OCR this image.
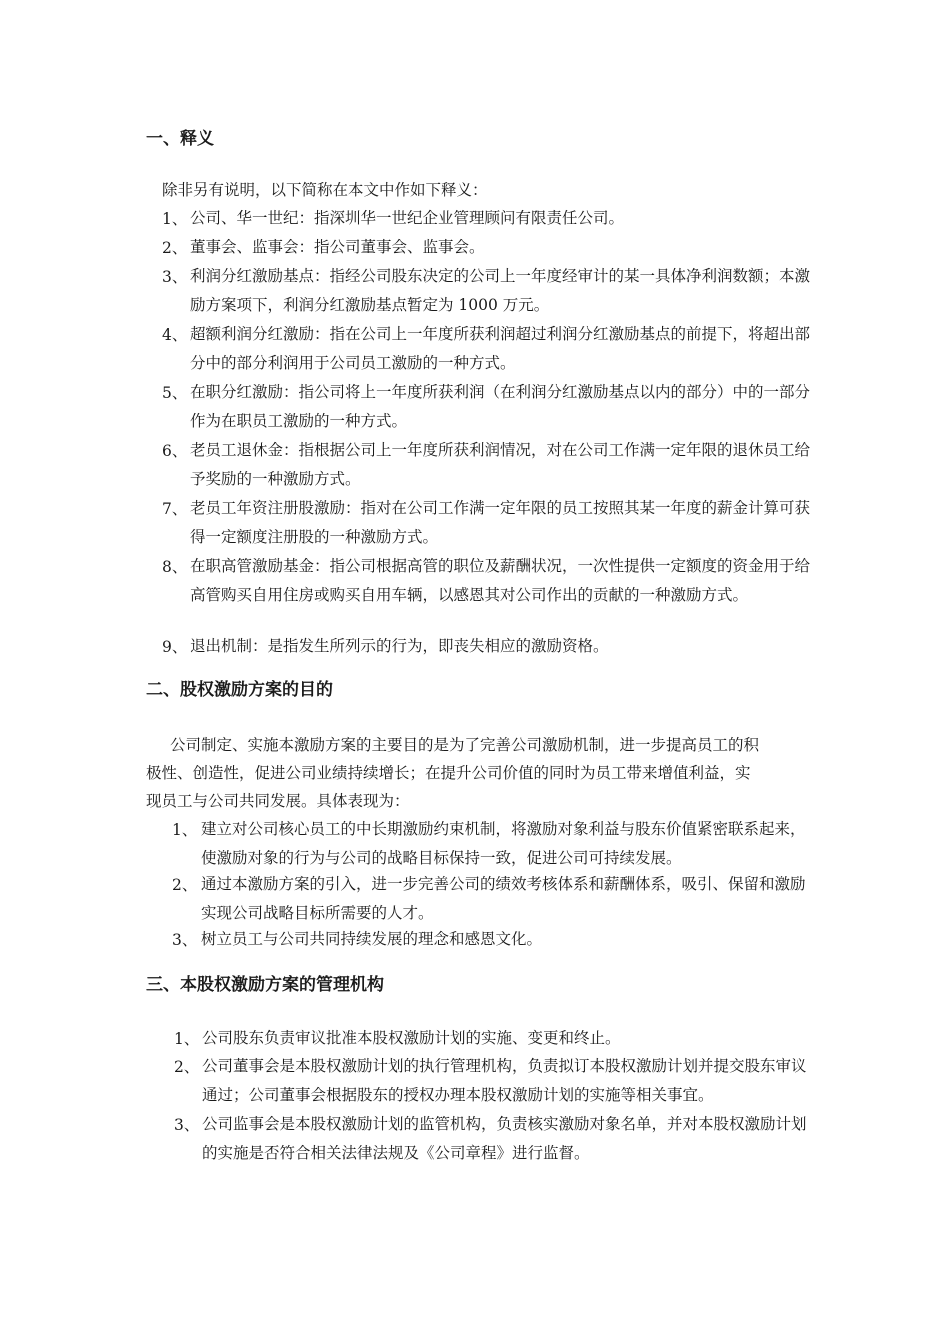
一、释义
除非另有说明，以下简称在本文中作如下释义：
1、 公司、华一世纪：指深圳华一世纪企业管理顾问有限责任公司。
2、 董事会、监事会：指公司董事会、监事会。
3、 利润分红激励基点：指经公司股东决定的公司上一年度经审计的某一具体净利润数额；本激励方案项下，利润分红激励基点暂定为 1000 万元。
4、 超额利润分红激励：指在公司上一年度所获利润超过利润分红激励基点的前提下，将超出部分中的部分利润用于公司员工激励的一种方式。
5、 在职分红激励：指公司将上一年度所获利润（在利润分红激励基点以内的部分）中的一部分作为在职员工激励的一种方式。
6、 老员工退休金：指根据公司上一年度所获利润情况，对在公司工作满一定年限的退休员工给予奖励的一种激励方式。
7、 老员工年资注册股激励：指对在公司工作满一定年限的员工按照其某一年度的薪金计算可获得一定额度注册股的一种激励方式。
8、 在职高管激励基金：指公司根据高管的职位及薪酬状况，一次性提供一定额度的资金用于给高管购买自用住房或购买自用车辆，以感恩其对公司作出的贡献的一种激励方式。
9、 退出机制：是指发生所列示的行为，即丧失相应的激励资格。
二、股权激励方案的目的
公司制定、实施本激励方案的主要目的是为了完善公司激励机制，进一步提高员工的积
极性、创造性，促进公司业绩持续增长；在提升公司价值的同时为员工带来增值利益，实
现员工与公司共同发展。具体表现为：
1、 建立对公司核心员工的中长期激励约束机制，将激励对象利益与股东价值紧密联系起来，使激励对象的行为与公司的战略目标保持一致，促进公司可持续发展。
2、 通过本激励方案的引入，进一步完善公司的绩效考核体系和薪酬体系，吸引、保留和激励实现公司战略目标所需要的人才。
3、 树立员工与公司共同持续发展的理念和感恩文化。
三、本股权激励方案的管理机构
1、 公司股东负责审议批准本股权激励计划的实施、变更和终止。
2、 公司董事会是本股权激励计划的执行管理机构，负责拟订本股权激励计划并提交股东审议通过；公司董事会根据股东的授权办理本股权激励计划的实施等相关事宜。
3、 公司监事会是本股权激励计划的监管机构，负责核实激励对象名单，并对本股权激励计划的实施是否符合相关法律法规及《公司章程》进行监督。
